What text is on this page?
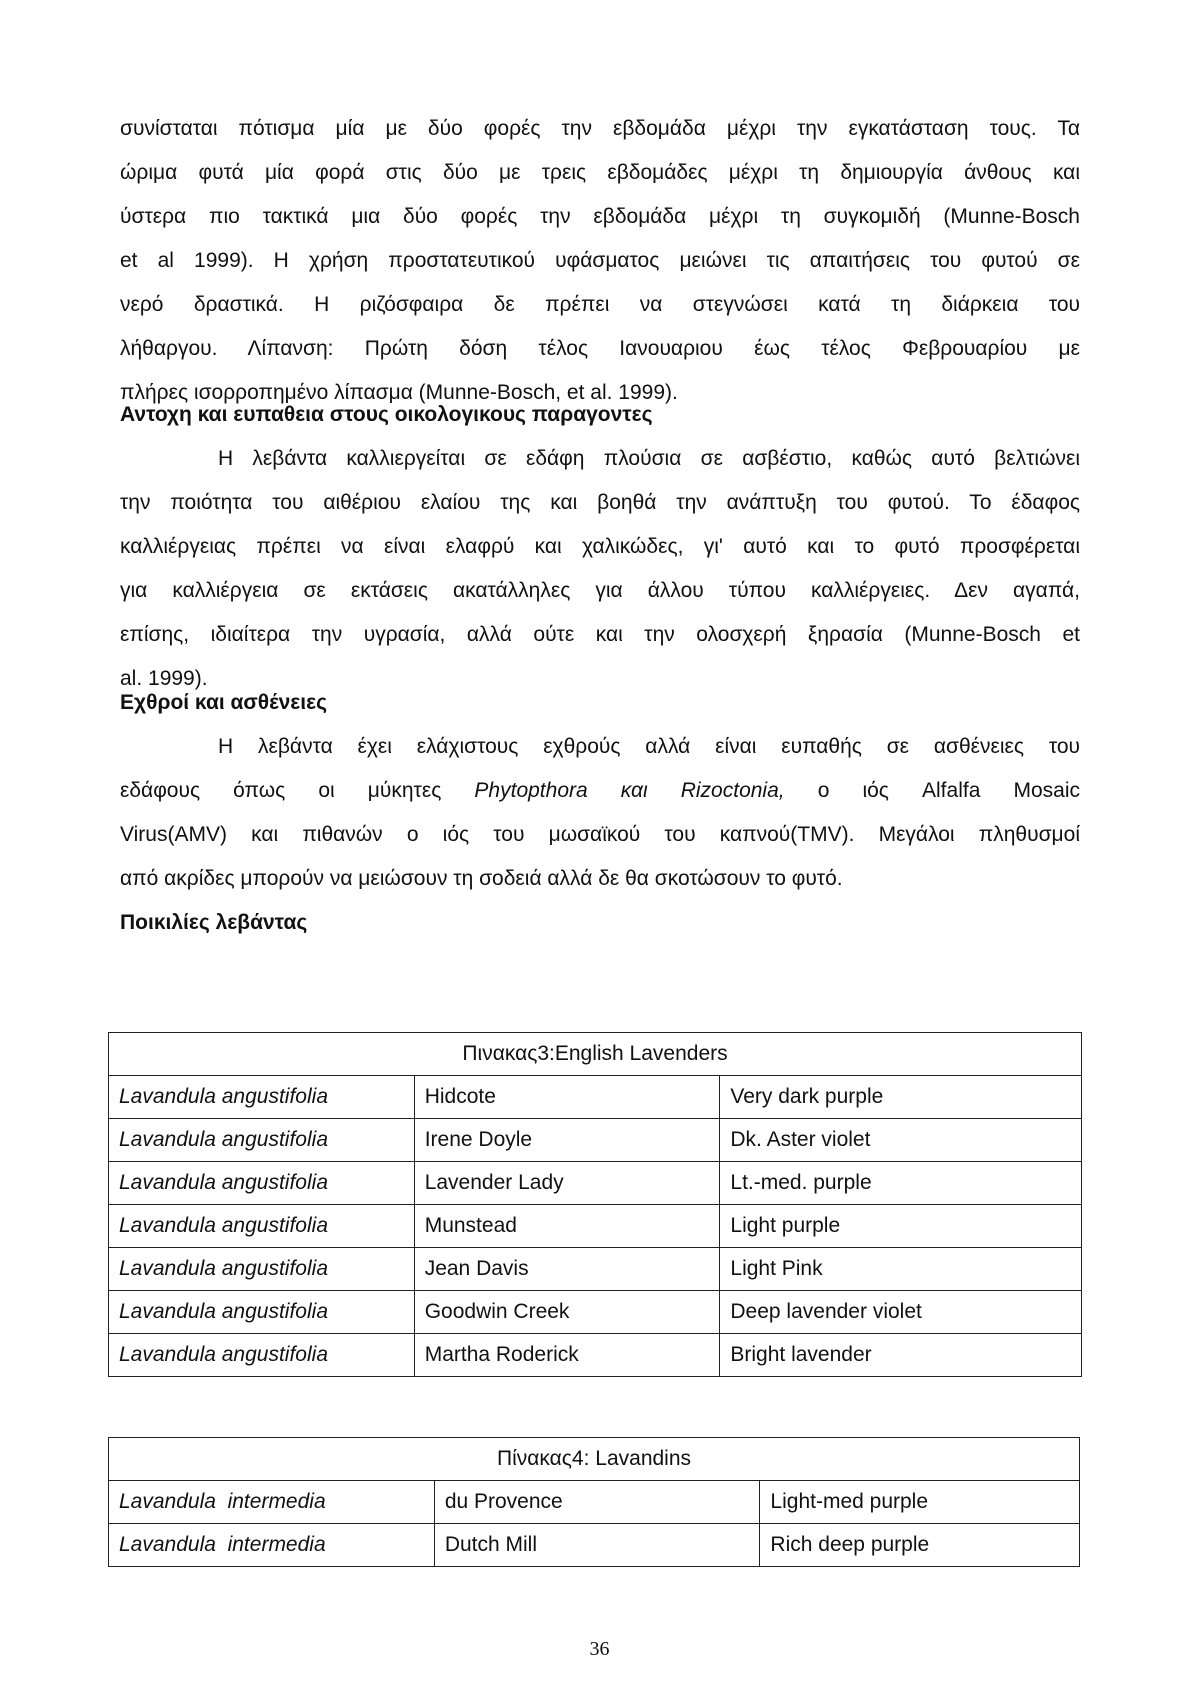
συνίσταται πότισμα μία με δύο φορές την εβδομάδα μέχρι την εγκατάσταση τους. Τα
ώριμα φυτά μία φορά στις δύο με τρεις εβδομάδες μέχρι τη δημιουργία άνθους και
ύστερα πιο τακτικά μια δύο φορές την εβδομάδα μέχρι τη συγκομιδή (Munne-Bosch
et al 1999). Η χρήση προστατευτικού υφάσματος μειώνει τις απαιτήσεις του φυτού σε
νερό δραστικά. Η ριζόσφαιρα δε πρέπει να στεγνώσει κατά τη διάρκεια του
λήθαργου. Λίπανση: Πρώτη δόση τέλος Ιανουαριου έως τέλος Φεβρουαρίου με
πλήρες ισορροπημένο λίπασμα (Munne-Bosch, et al. 1999).
Αντοχη και ευπαθεια στους οικολογικους παραγοντες
Η λεβάντα καλλιεργείται σε εδάφη πλούσια σε ασβέστιο, καθώς αυτό βελτιώνει
την ποιότητα του αιθέριου ελαίου της και βοηθά την ανάπτυξη του φυτού. Το έδαφος
καλλιέργειας πρέπει να είναι ελαφρύ και χαλικώδες, γι' αυτό και το φυτό προσφέρεται
για καλλιέργεια σε εκτάσεις ακατάλληλες για άλλου τύπου καλλιέργειες. Δεν αγαπά,
επίσης, ιδιαίτερα την υγρασία, αλλά ούτε και την ολοσχερή ξηρασία (Munne-Bosch et
al. 1999).
Εχθροί και ασθένειες
Η λεβάντα έχει ελάχιστους εχθρούς αλλά είναι ευπαθής σε ασθένειες του
εδάφους όπως οι μύκητες Phytopthora και Rizoctonia, ο ιός Alfalfa Mosaic
Virus(AMV) και πιθανών ο ιός του μωσαϊκού του καπνού(TMV). Μεγάλοι πληθυσμοί
από ακρίδες μπορούν να μειώσουν τη σοδειά αλλά δε θα σκοτώσουν το φυτό.
Ποικιλίες λεβάντας
Πινακας3:English Lavenders		
Lavandula angustifolia	Hidcote	Very dark purple
Lavandula angustifolia	Irene Doyle	Dk. Aster violet
Lavandula angustifolia	Lavender Lady	Lt.-med. purple
Lavandula angustifolia	Munstead	Light purple
Lavandula angustifolia	Jean Davis	Light Pink
Lavandula angustifolia	Goodwin Creek	Deep lavender violet
Lavandula angustifolia	Martha Roderick	Bright lavender
Πίνακας4: Lavandins		
Lavandula  intermedia	du Provence	Light-med purple
Lavandula  intermedia	Dutch Mill	Rich deep purple
36
